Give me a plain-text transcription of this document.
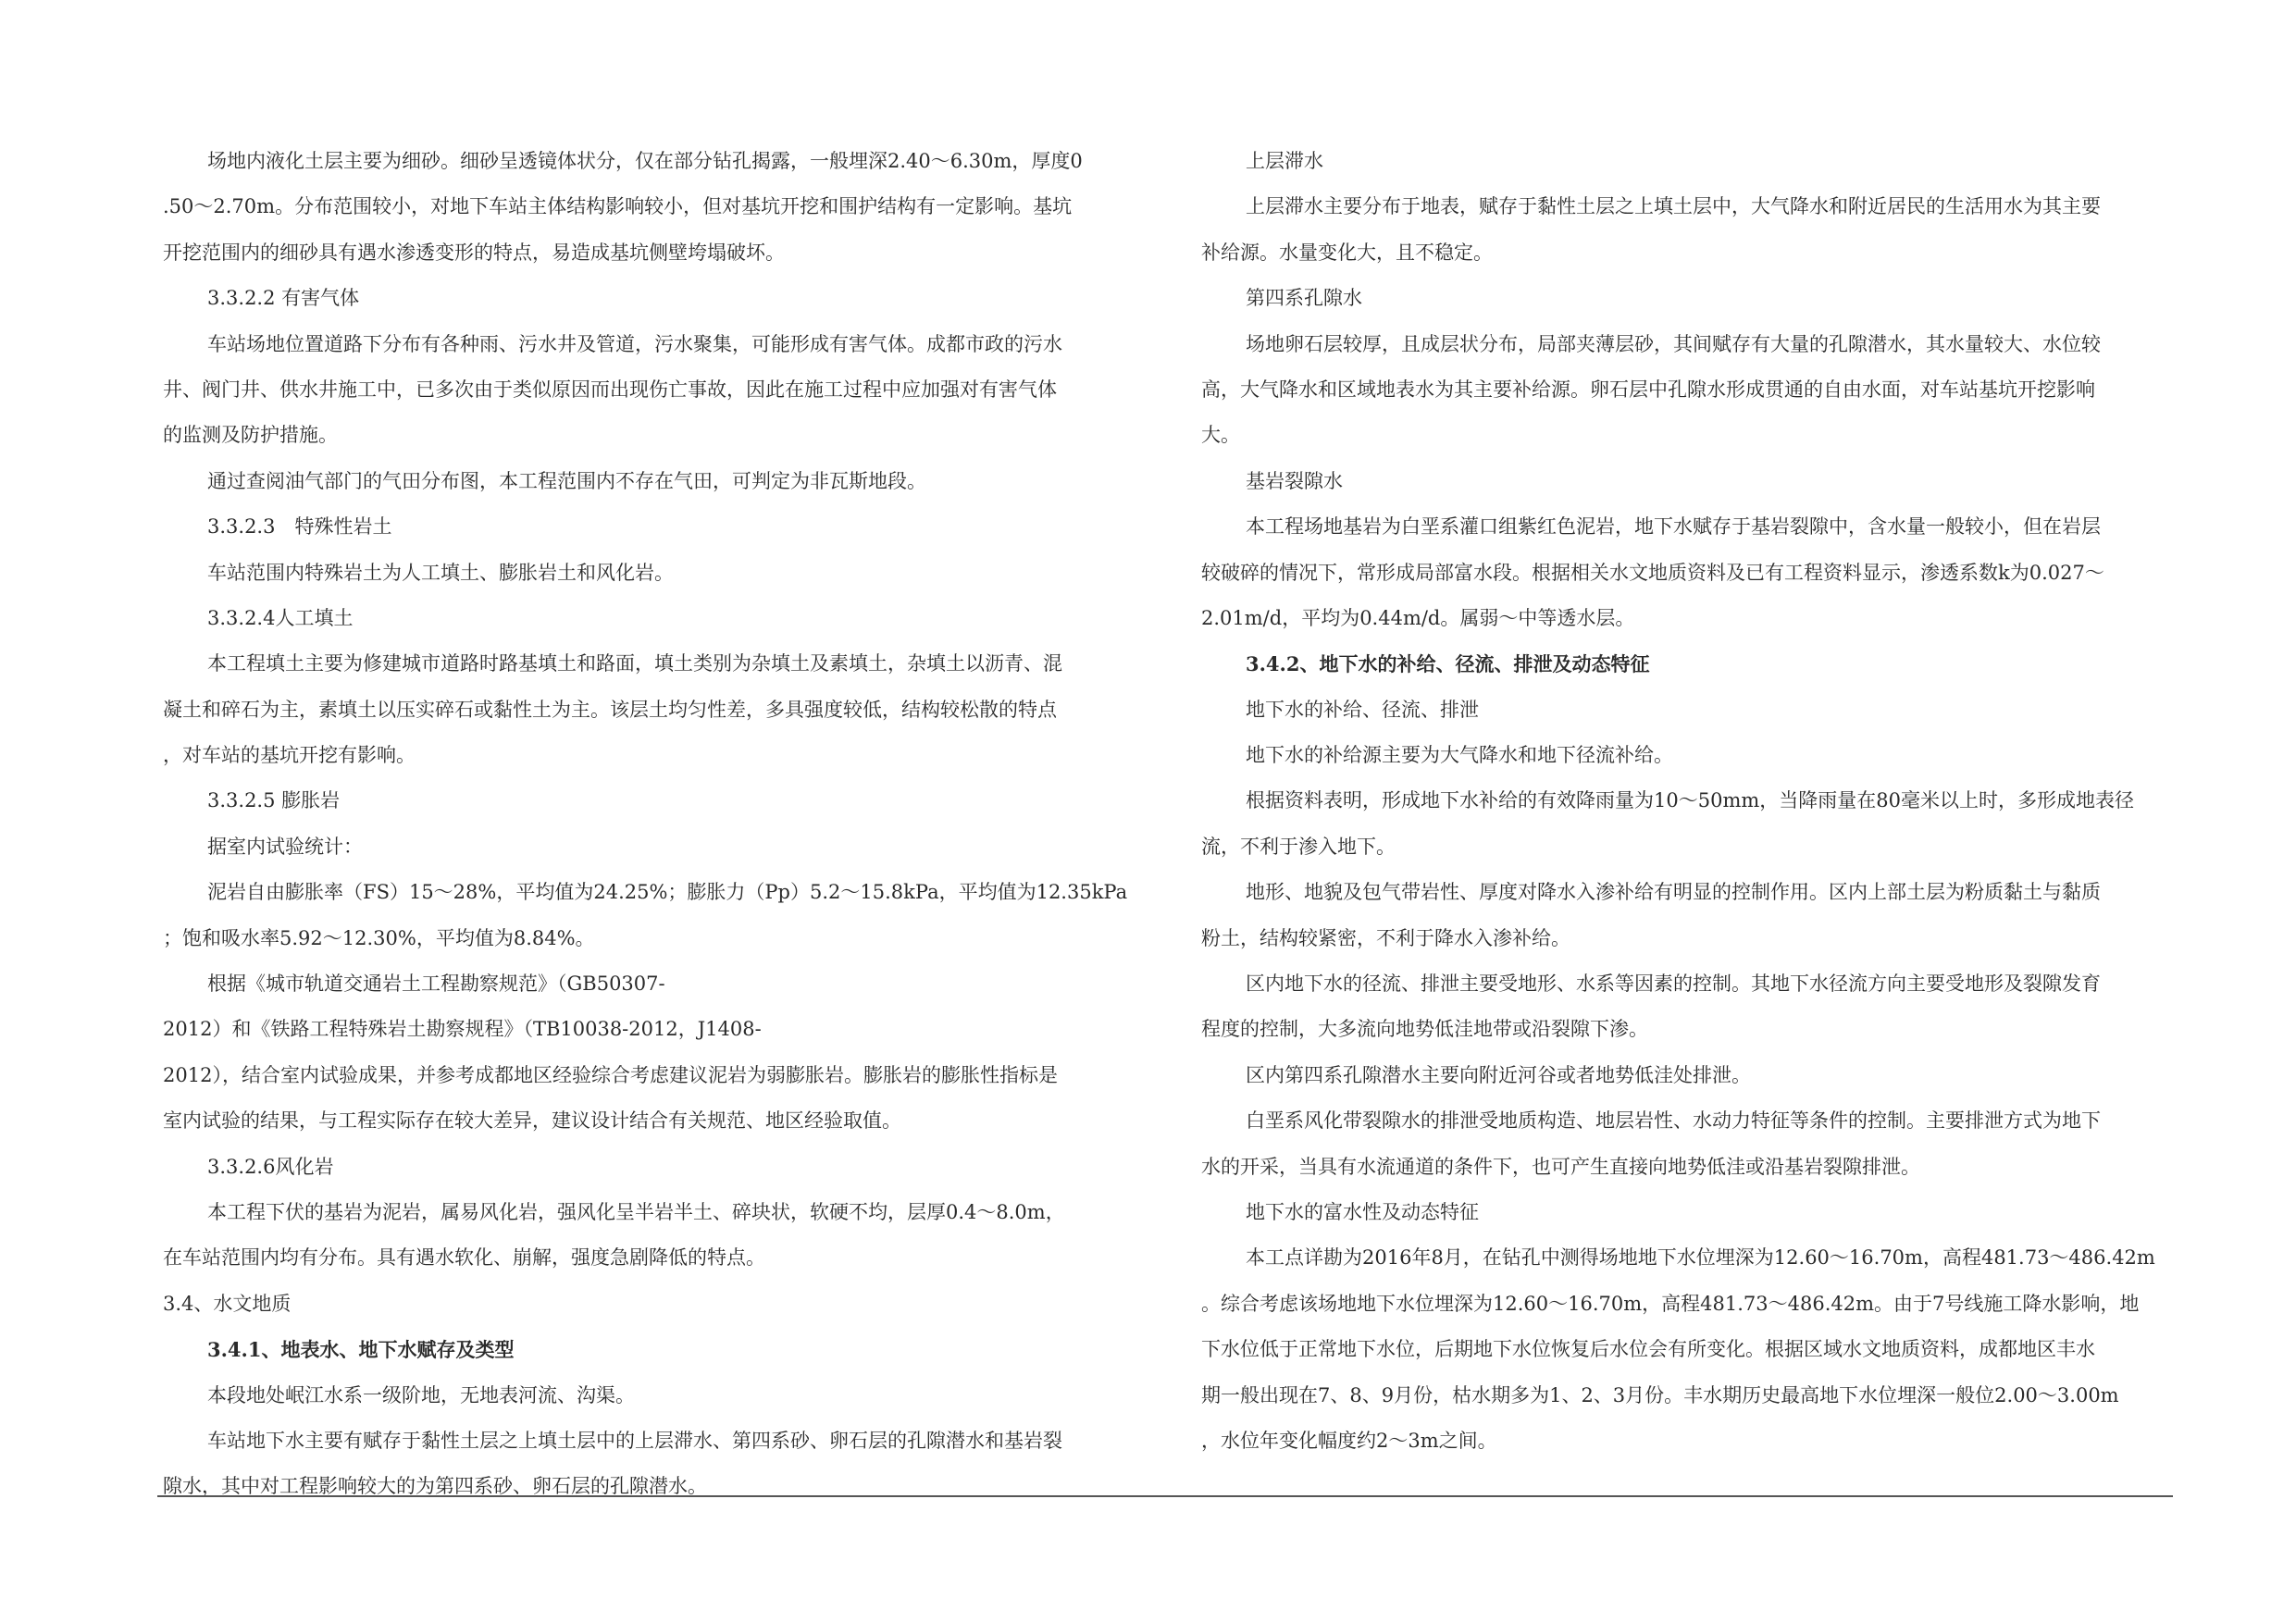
场地内液化土层主要为细砂。细砂呈透镜体状分，仅在部分钻孔揭露，一般埋深2.40～6.30m，厚度0
.50～2.70m。分布范围较小，对地下车站主体结构影响较小，但对基坑开挖和围护结构有一定影响。基坑
开挖范围内的细砂具有遇水渗透变形的特点，易造成基坑侧壁垮塌破坏。
3.3.2.2 有害气体
车站场地位置道路下分布有各种雨、污水井及管道，污水聚集，可能形成有害气体。成都市政的污水
井、阀门井、供水井施工中，已多次由于类似原因而出现伤亡事故，因此在施工过程中应加强对有害气体
的监测及防护措施。
通过查阅油气部门的气田分布图，本工程范围内不存在气田，可判定为非瓦斯地段。
3.3.2.3　特殊性岩土
车站范围内特殊岩土为人工填土、膨胀岩土和风化岩。
3.3.2.4人工填土
本工程填土主要为修建城市道路时路基填土和路面，填土类别为杂填土及素填土，杂填土以沥青、混
凝土和碎石为主，素填土以压实碎石或黏性土为主。该层土均匀性差，多具强度较低，结构较松散的特点
，对车站的基坑开挖有影响。
3.3.2.5 膨胀岩
据室内试验统计：
泥岩自由膨胀率（FS）15～28%，平均值为24.25%；膨胀力（Pp）5.2～15.8kPa，平均值为12.35kPa
；饱和吸水率5.92～12.30%，平均值为8.84%。
根据《城市轨道交通岩土工程勘察规范》（GB50307-
2012）和《铁路工程特殊岩土勘察规程》（TB10038-2012，J1408-
2012），结合室内试验成果，并参考成都地区经验综合考虑建议泥岩为弱膨胀岩。膨胀岩的膨胀性指标是
室内试验的结果，与工程实际存在较大差异，建议设计结合有关规范、地区经验取值。
3.3.2.6风化岩
本工程下伏的基岩为泥岩，属易风化岩，强风化呈半岩半土、碎块状，软硬不均，层厚0.4～8.0m，
在车站范围内均有分布。具有遇水软化、崩解，强度急剧降低的特点。
3.4、水文地质
3.4.1、地表水、地下水赋存及类型
本段地处岷江水系一级阶地，无地表河流、沟渠。
车站地下水主要有赋存于黏性土层之上填土层中的上层滞水、第四系砂、卵石层的孔隙潜水和基岩裂
隙水，其中对工程影响较大的为第四系砂、卵石层的孔隙潜水。
上层滞水
上层滞水主要分布于地表，赋存于黏性土层之上填土层中，大气降水和附近居民的生活用水为其主要
补给源。水量变化大，且不稳定。
第四系孔隙水
场地卵石层较厚，且成层状分布，局部夹薄层砂，其间赋存有大量的孔隙潜水，其水量较大、水位较
高，大气降水和区域地表水为其主要补给源。卵石层中孔隙水形成贯通的自由水面，对车站基坑开挖影响
大。
基岩裂隙水
本工程场地基岩为白垩系灌口组紫红色泥岩，地下水赋存于基岩裂隙中，含水量一般较小，但在岩层
较破碎的情况下，常形成局部富水段。根据相关水文地质资料及已有工程资料显示，渗透系数k为0.027～
2.01m/d，平均为0.44m/d。属弱～中等透水层。
3.4.2、地下水的补给、径流、排泄及动态特征
地下水的补给、径流、排泄
地下水的补给源主要为大气降水和地下径流补给。
根据资料表明，形成地下水补给的有效降雨量为10～50mm，当降雨量在80毫米以上时，多形成地表径
流，不利于渗入地下。
地形、地貌及包气带岩性、厚度对降水入渗补给有明显的控制作用。区内上部土层为粉质黏土与黏质
粉土，结构较紧密，不利于降水入渗补给。
区内地下水的径流、排泄主要受地形、水系等因素的控制。其地下水径流方向主要受地形及裂隙发育
程度的控制，大多流向地势低洼地带或沿裂隙下渗。
区内第四系孔隙潜水主要向附近河谷或者地势低洼处排泄。
白垩系风化带裂隙水的排泄受地质构造、地层岩性、水动力特征等条件的控制。主要排泄方式为地下
水的开采，当具有水流通道的条件下，也可产生直接向地势低洼或沿基岩裂隙排泄。
地下水的富水性及动态特征
本工点详勘为2016年8月，在钻孔中测得场地地下水位埋深为12.60～16.70m，高程481.73～486.42m
。综合考虑该场地地下水位埋深为12.60～16.70m，高程481.73～486.42m。由于7号线施工降水影响，地
下水位低于正常地下水位，后期地下水位恢复后水位会有所变化。根据区域水文地质资料，成都地区丰水
期一般出现在7、8、9月份，枯水期多为1、2、3月份。丰水期历史最高地下水位埋深一般位2.00～3.00m
，水位年变化幅度约2～3m之间。
